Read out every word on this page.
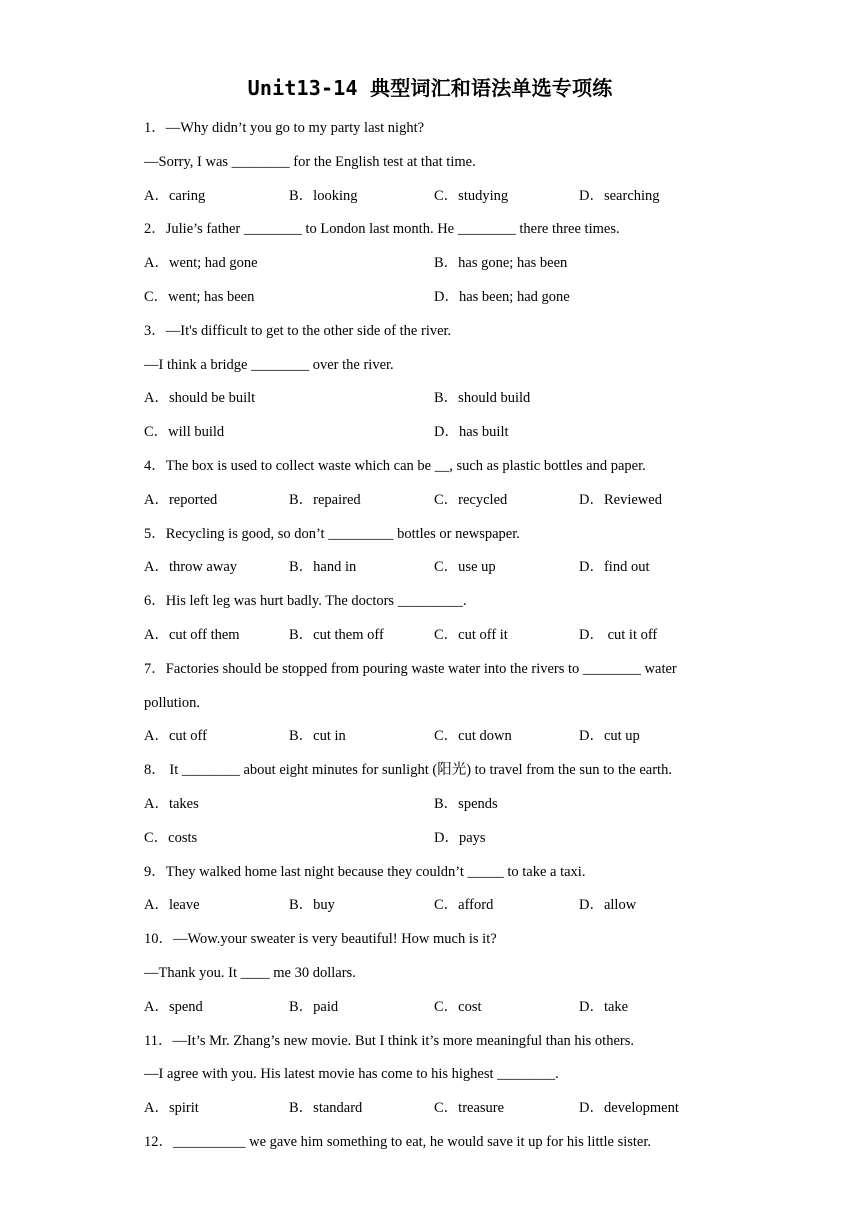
Unit13-14 典型词汇和语法单选专项练
1．—Why didn’t you go to my party last night?
—Sorry, I was ________ for the English test at that time.
A．caring	B．looking	C．studying	D．searching
2．Julie’s father ________ to London last month. He ________ there three times.
A．went; had gone	B．has gone; has been
C．went; has been	D．has been; had gone
3．—It's difficult to get to the other side of the river.
—I think a bridge ________ over the river.
A．should be built	B．should build
C．will build	D．has built
4．The box is used to collect waste which can be __, such as plastic bottles and paper.
A．reported	B．repaired	C．recycled	D．Reviewed
5．Recycling is good, so don’t _________ bottles or newspaper.
A．throw away	B．hand in	C．use up	D．find out
6．His left leg was hurt badly. The doctors _________.
A．cut off them	B．cut them off	C．cut off it	D． cut it off
7．Factories should be stopped from pouring waste water into the rivers to ________ water
pollution.
A．cut off	B．cut in	C．cut down	D．cut up
8． It ________ about eight minutes for sunlight (阳光) to travel from the sun to the earth.
A．takes	B．spends
C．costs	D．pays
9．They walked home last night because they couldn’t _____ to take a taxi.
A．leave	B．buy	C．afford	D．allow
10．—Wow.your sweater is very beautiful! How much is it?
—Thank you. It ____ me 30 dollars.
A．spend	B．paid	C．cost	D．take
11．—It’s Mr. Zhang’s new movie. But I think it’s more meaningful than his others.
—I agree with you. His latest movie has come to his highest ________.
A．spirit	B．standard	C．treasure	D．development
12．__________ we gave him something to eat, he would save it up for his little sister.
